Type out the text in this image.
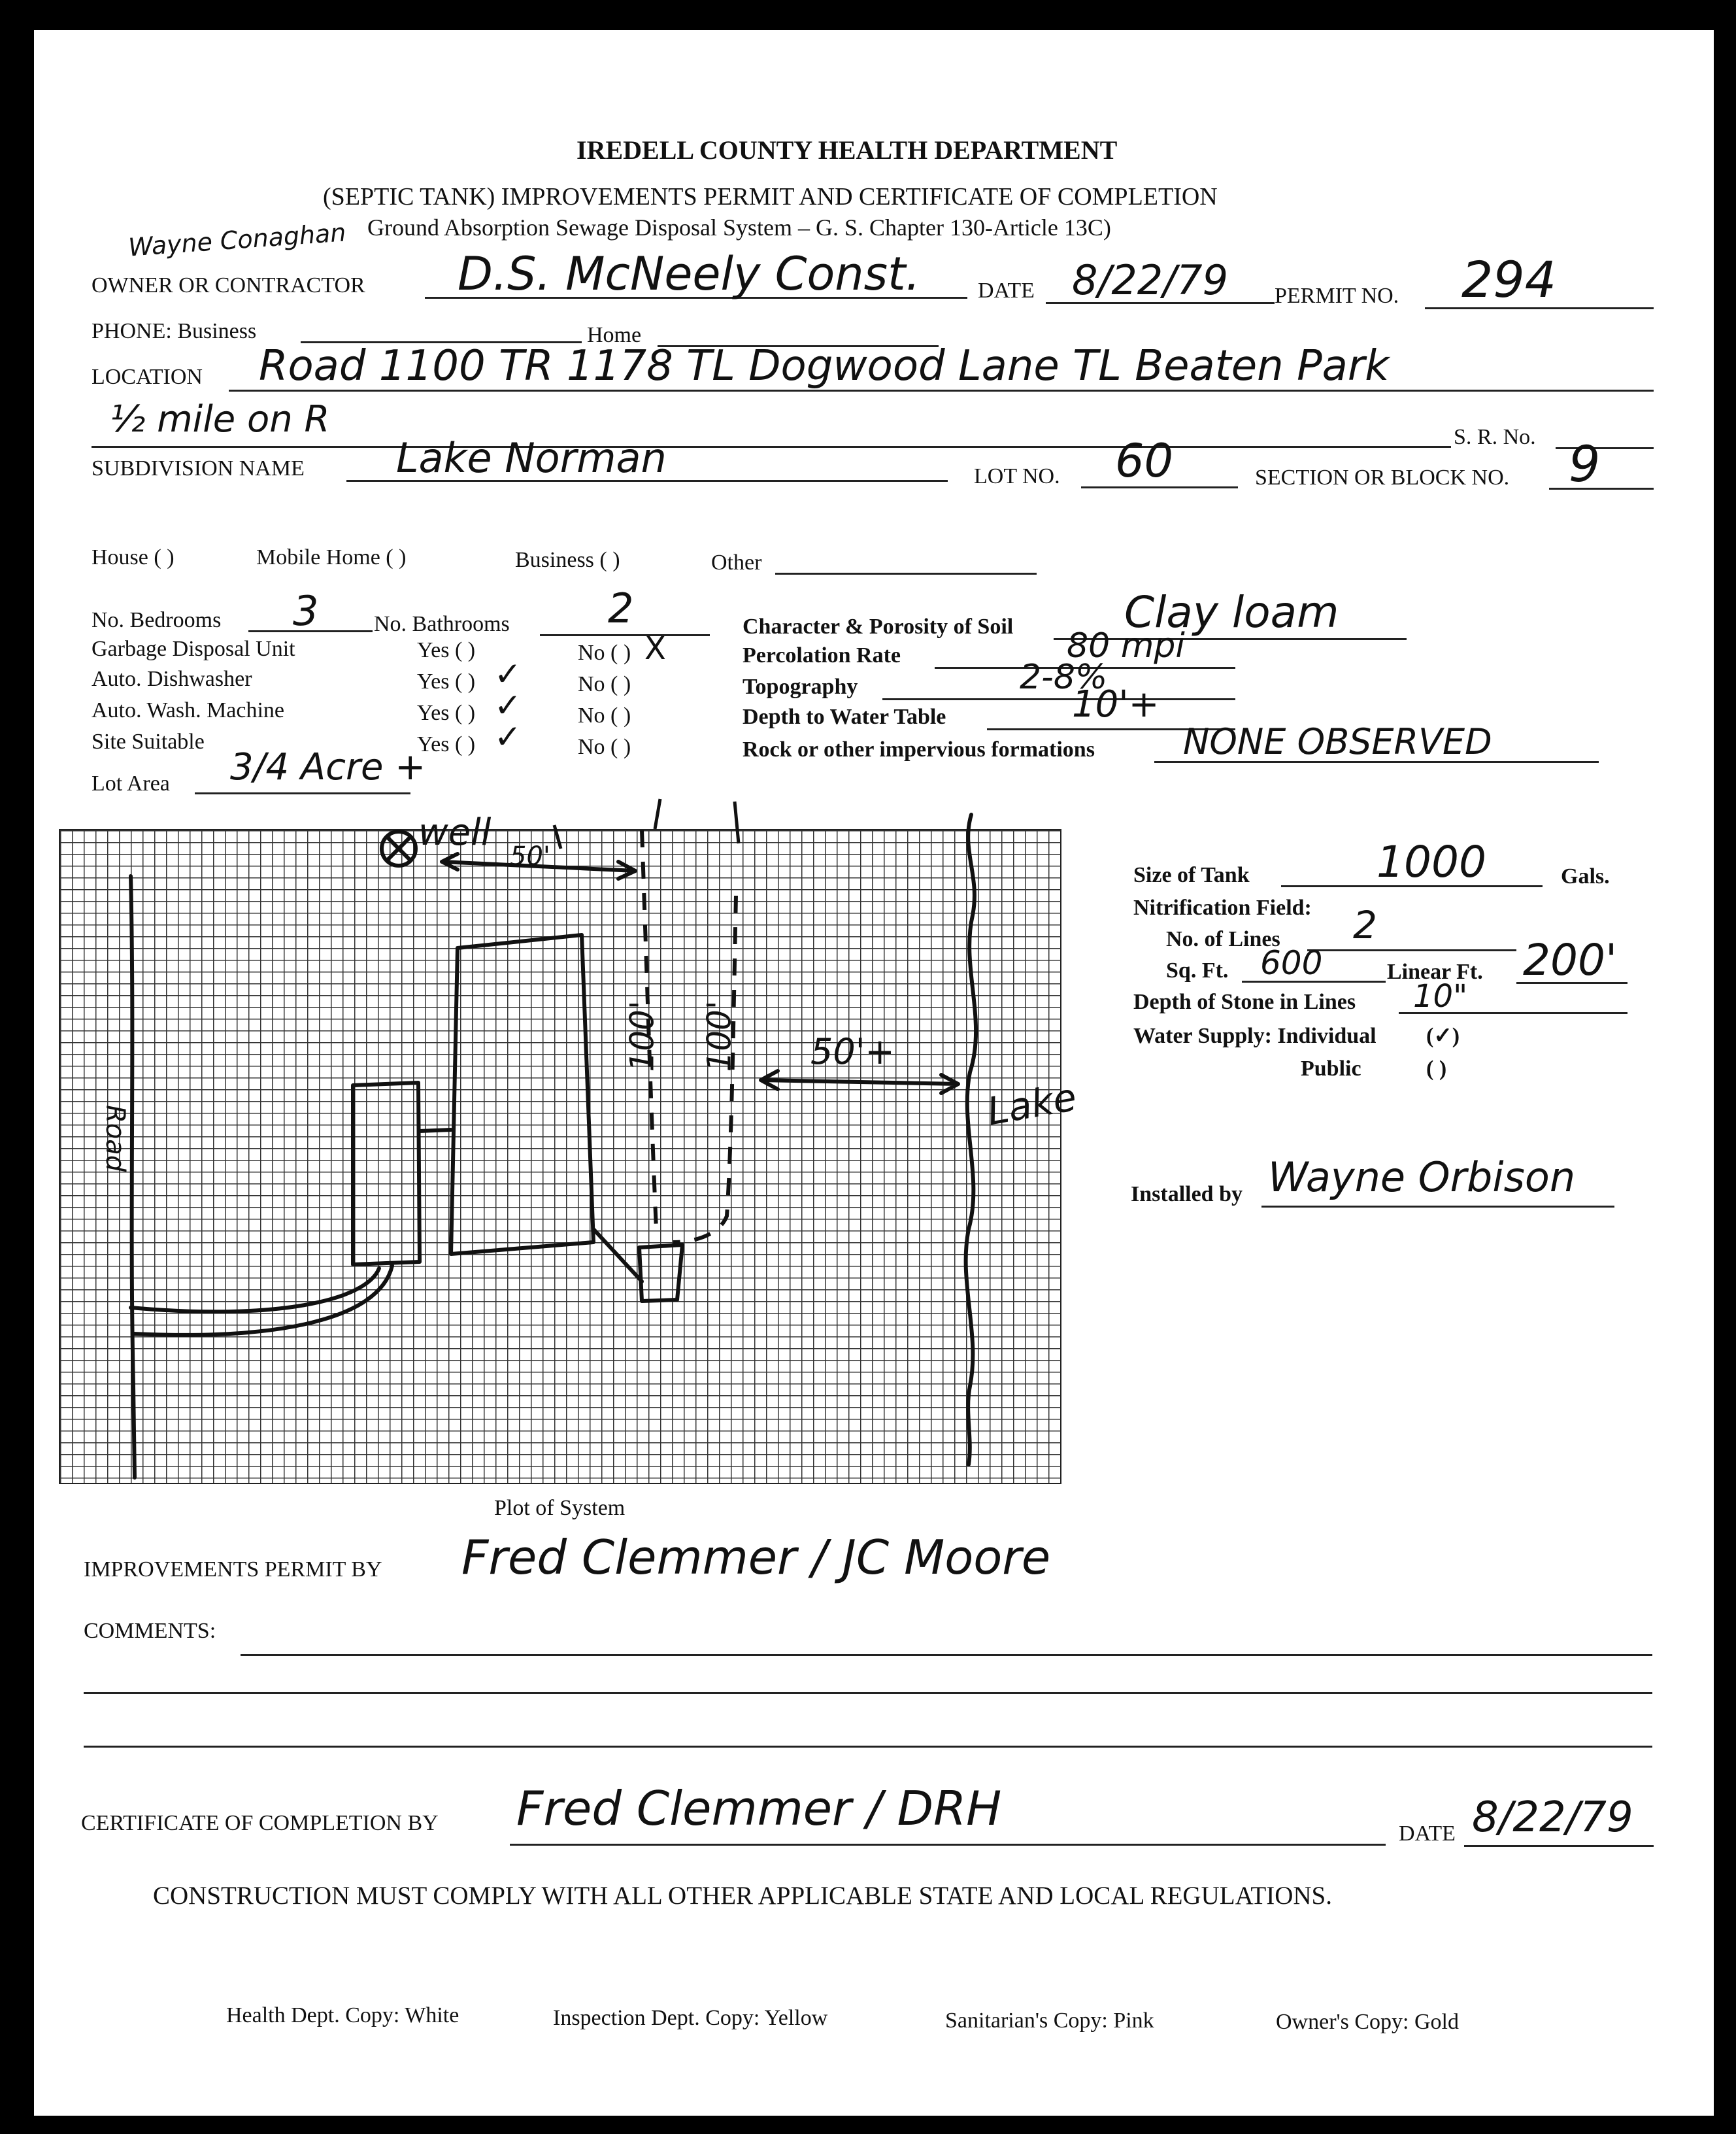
IREDELL COUNTY HEALTH DEPARTMENT
(SEPTIC TANK) IMPROVEMENTS PERMIT AND CERTIFICATE OF COMPLETION
Ground Absorption Sewage Disposal System – G. S. Chapter 130-Article 13C)
Wayne Conaghan
OWNER OR CONTRACTOR D.S. McNeely Const.	DATE 8/22/79 PERMIT NO. 294
PHONE: Business	Home
LOCATION Road 1100 TR 1178 TL Dogwood Lane TL Beaten Park
½ mile on R	S. R. No.
SUBDIVISION NAME Lake Norman	LOT NO. 60	SECTION OR BLOCK NO. 9
House ( )	Mobile Home ( )	Business ( )	Other
No. Bedrooms 3 No. Bathrooms 2
Garbage Disposal Unit	Yes ( )	No ( ) X
Auto. Dishwasher	Yes ( ) ✓	No ( )
Auto. Wash. Machine	Yes ( ) ✓	No ( )
Site Suitable	Yes ( ) ✓	No ( )
Lot Area 3/4 Acre +
Character & Porosity of Soil	Clay loam
Percolation Rate	80 mpi
Topography	2-8%
Depth to Water Table	10'+
Rock or other impervious formations	NONE OBSERVED
well
50'
50'+
100' 100'
Road
Lake
Size of Tank	1000	Gals.
Nitrification Field:
No. of Lines 2
Sq. Ft. 600	Linear Ft. 200'
Depth of Stone in Lines 10"
Water Supply: Individual (✓)
Public	( )
Installed by Wayne Orbison
Plot of System
IMPROVEMENTS PERMIT BY Fred Clemmer / JC Moore
COMMENTS:
CERTIFICATE OF COMPLETION BY Fred Clemmer / DRH	DATE 8/22/79
CONSTRUCTION MUST COMPLY WITH ALL OTHER APPLICABLE STATE AND LOCAL REGULATIONS.
Health Dept. Copy: White	Inspection Dept. Copy: Yellow	Sanitarian's Copy: Pink	Owner's Copy: Gold
